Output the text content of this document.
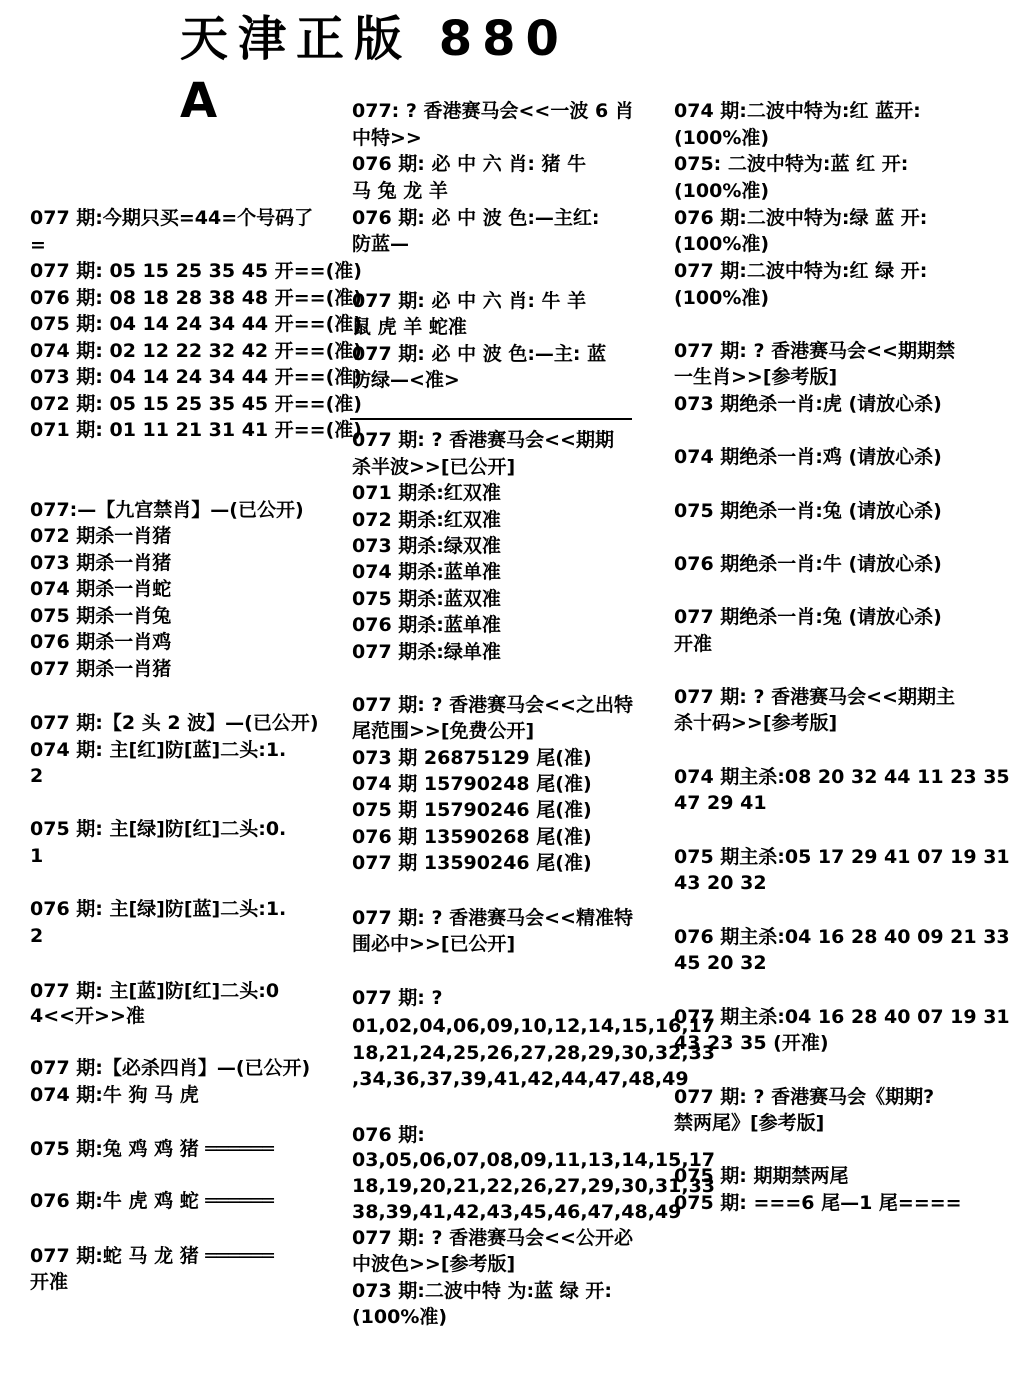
天津正版 880 A

077 期:今期只买=44=个号码了

=

077 期: 05 15 25 35 45 开==(准)

076 期: 08 18 28 38 48 开==(准)

075 期: 04 14 24 34 44 开==(准)

074 期: 02 12 22 32 42 开==(准)

073 期: 04 14 24 34 44 开==(准)

072 期: 05 15 25 35 45 开==(准)

071 期: 01 11 21 31 41 开==(准)

077:—【九宫禁肖】—(已公开)

072 期杀一肖猪

073 期杀一肖猪

074 期杀一肖蛇

075 期杀一肖兔

076 期杀一肖鸡

077 期杀一肖猪

077 期:【2 头 2 波】—(已公开)

074 期: 主[红]防[蓝]二头:1.

2

075 期: 主[绿]防[红]二头:0.

1

076 期: 主[绿]防[蓝]二头:1.

2

077 期: 主[蓝]防[红]二头:0

4<<开>>准

077 期:【必杀四肖】—(已公开)

074 期:牛 狗 马 虎

075 期:兔 鸡 鸡 猪 ══════

076 期:牛 虎 鸡 蛇 ══════

077 期:蛇 马 龙 猪 ══════

开准

077: ? 香港赛马会<<一波 6 肖

中特>>

076 期: 必 中 六 肖: 猪 牛

马 兔 龙 羊

076 期: 必 中 波 色:—主红:

防蓝—

077 期: 必 中 六 肖: 牛 羊

鼠 虎 羊 蛇准

077 期: 必 中 波 色:—主: 蓝

防绿—<准>

077 期: ? 香港赛马会<<期期

杀半波>>[已公开]

071 期杀:红双准

072 期杀:红双准

073 期杀:绿双准

074 期杀:蓝单准

075 期杀:蓝双准

076 期杀:蓝单准

077 期杀:绿单准

077 期: ? 香港赛马会<<之出特

尾范围>>[免费公开]

073 期 26875129 尾(准)

074 期 15790248 尾(准)

075 期 15790246 尾(准)

076 期 13590268 尾(准)

077 期 13590246 尾(准)

077 期: ? 香港赛马会<<精准特

围必中>>[已公开]

077 期: ?

01,02,04,06,09,10,12,14,15,16,17

18,21,24,25,26,27,28,29,30,32,33

,34,36,37,39,41,42,44,47,48,49

076 期:

03,05,06,07,08,09,11,13,14,15,17

18,19,20,21,22,26,27,29,30,31,33

38,39,41,42,43,45,46,47,48,49

077 期: ? 香港赛马会<<公开必

中波色>>[参考版]

073 期:二波中特 为:蓝 绿 开:

(100%准)

074 期:二波中特为:红 蓝开:

(100%准)

075: 二波中特为:蓝 红 开:

(100%准)

076 期:二波中特为:绿 蓝 开:

(100%准)

077 期:二波中特为:红 绿 开:

(100%准)

077 期: ? 香港赛马会<<期期禁

一生肖>>[参考版]

073 期绝杀一肖:虎 (请放心杀)

074 期绝杀一肖:鸡 (请放心杀)

075 期绝杀一肖:兔 (请放心杀)

076 期绝杀一肖:牛 (请放心杀)

077 期绝杀一肖:兔 (请放心杀)

开准

077 期: ? 香港赛马会<<期期主

杀十码>>[参考版]

074 期主杀:08 20 32 44 11 23 35

47 29 41

075 期主杀:05 17 29 41 07 19 31

43 20 32

076 期主杀:04 16 28 40 09 21 33

45 20 32

077 期主杀:04 16 28 40 07 19 31

43 23 35 (开准)

077 期: ? 香港赛马会《期期?

禁两尾》[参考版]

075 期: 期期禁两尾

075 期: ===6 尾—1 尾====
